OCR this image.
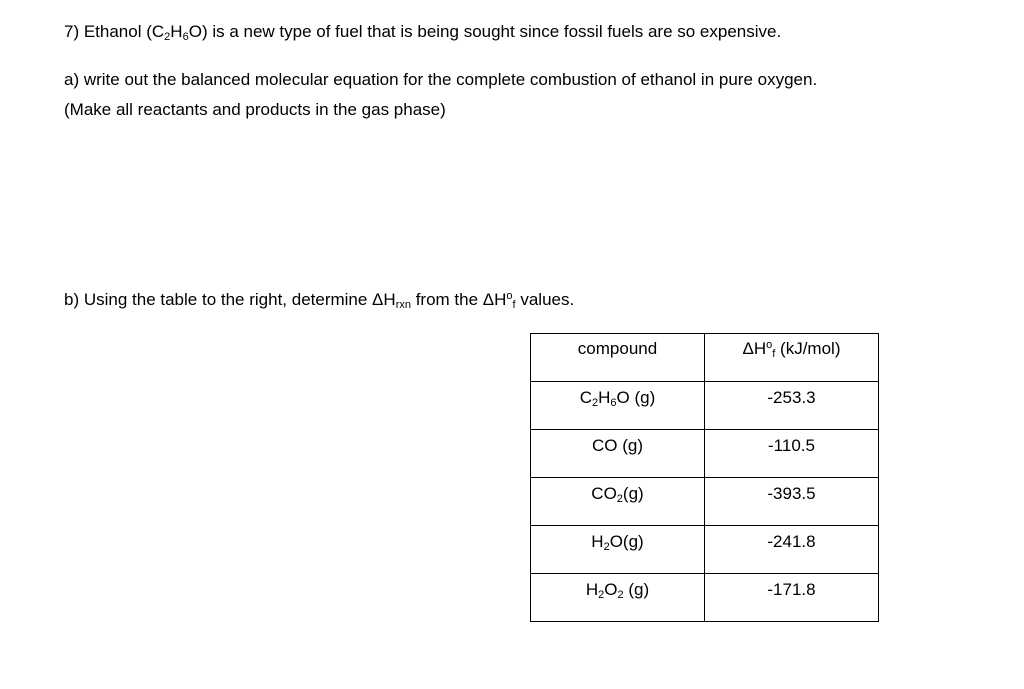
7) Ethanol $(C_2H_6O)$ is a new type of fuel that is being sought since fossil fuels are so expensive.
a) write out the balanced molecular equation for the complete combustion of ethanol in pure oxygen.
(Make all reactants and products in the gas phase)
b) Using the table to the right, determine $\Delta H_{rxn}$ from the $\Delta H^o_f$ values.
compound	$\Delta H^o_f$ (kJ/mol)
$C_2H_6O$ (g)	-253.3
CO (g)	-110.5
$CO_2(g)$	-393.5
$H_2O(g)$	-241.8
$H_2O_2$ (g)	-171.8
